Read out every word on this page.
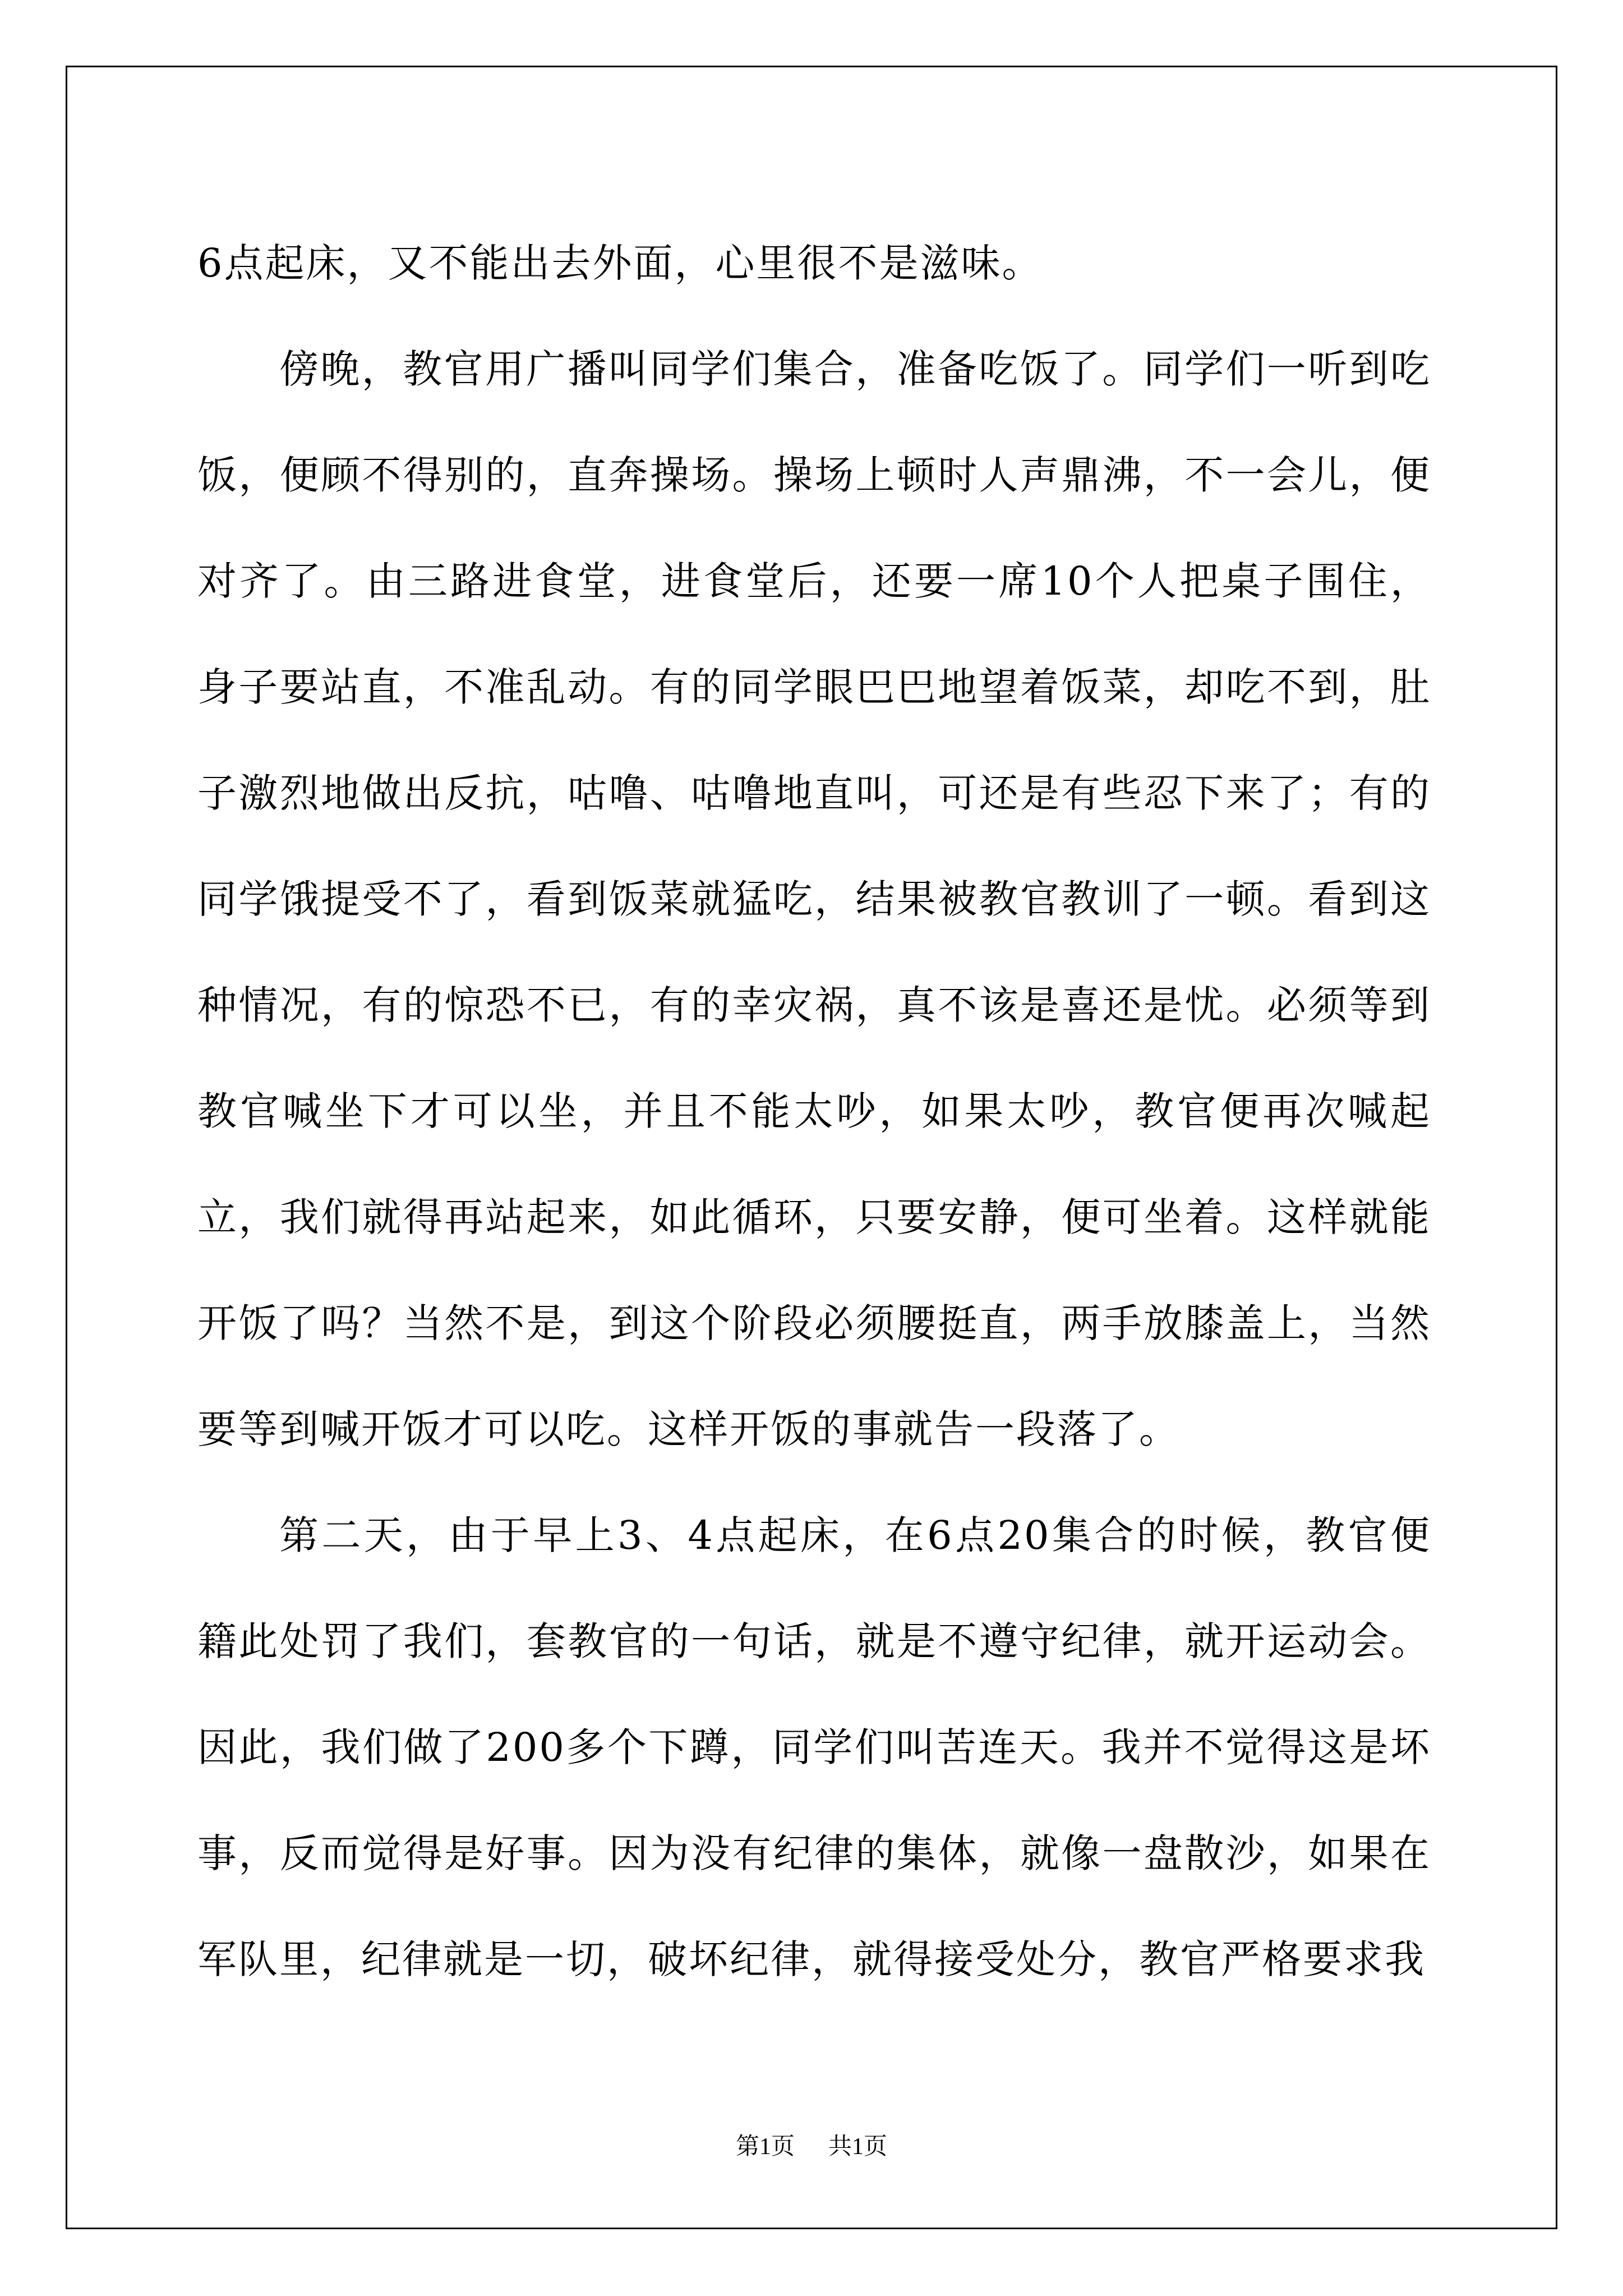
6点起床，又不能出去外面，心里很不是滋味。

傍晚，教官用广播叫同学们集合，准备吃饭了。同学们一听到吃饭，便顾不得别的，直奔操场。操场上顿时人声鼎沸，不一会儿，便对齐了。由三路进食堂，进食堂后，还要一席10个人把桌子围住，身子要站直，不准乱动。有的同学眼巴巴地望着饭菜，却吃不到，肚子激烈地做出反抗，咕噜、咕噜地直叫，可还是有些忍下来了；有的同学饿提受不了，看到饭菜就猛吃，结果被教官教训了一顿。看到这种情况，有的惊恐不已，有的幸灾祸，真不该是喜还是忧。必须等到教官喊坐下才可以坐，并且不能太吵，如果太吵，教官便再次喊起立，我们就得再站起来，如此循环，只要安静，便可坐着。这样就能开饭了吗？当然不是，到这个阶段必须腰挺直，两手放膝盖上，当然要等到喊开饭才可以吃。这样开饭的事就告一段落了。

第二天，由于早上3、4点起床，在6点20集合的时候，教官便籍此处罚了我们，套教官的一句话，就是不遵守纪律，就开运动会。因此，我们做了200多个下蹲，同学们叫苦连天。我并不觉得这是坏事，反而觉得是好事。因为没有纪律的集体，就像一盘散沙，如果在军队里，纪律就是一切，破坏纪律，就得接受处分，教官严格要求我

第1页 共1页
